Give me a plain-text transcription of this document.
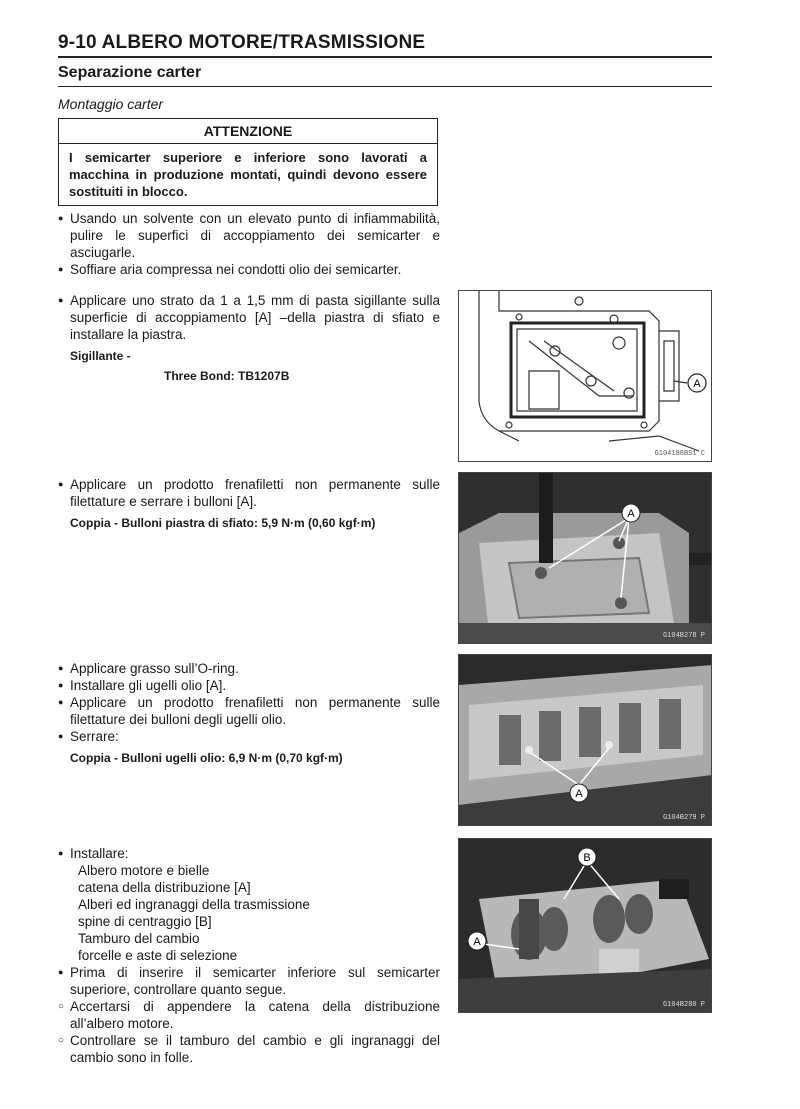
9-10 ALBERO MOTORE/TRASMISSIONE
Separazione carter
Montaggio carter
ATTENZIONE
I semicarter superiore e inferiore sono lavorati a macchina in produzione montati, quindi devono essere sostituiti in blocco.
● Usando un solvente con un elevato punto di infiammabilità, pulire le superfici di accoppiamento dei semicarter e asciugarle.
● Soffiare aria compressa nei condotti olio dei semicarter.
● Applicare uno strato da 1 a 1,5 mm di pasta sigillante sulla superficie di accoppiamento [A] –della piastra di sfiato e installare la piastra.
Sigillante -
Three Bond: TB1207B
● Applicare un prodotto frenafiletti non permanente sulle filettature e serrare i bulloni [A].
Coppia - Bulloni piastra di sfiato: 5,9 N·m (0,60 kgf·m)
● Applicare grasso sull’O-ring.
● Installare gli ugelli olio [A].
● Applicare un prodotto frenafiletti non permanente sulle filettature dei bulloni degli ugelli olio.
● Serrare:
Coppia - Bulloni ugelli olio: 6,9 N·m (0,70 kgf·m)
● Installare:
Albero motore e bielle
catena della distribuzione [A]
Alberi ed ingranaggi della trasmissione
spine di centraggio [B]
Tamburo del cambio
forcelle e aste di selezione
● Prima di inserire il semicarter inferiore sul semicarter superiore, controllare quanto segue.
○ Accertarsi di appendere la catena della distribuzione all’albero motore.
○ Controllare se il tamburo del cambio e gli ingranaggi del cambio sono in folle.
A
G104188BS1 C
A
G104B278 P
A
G104B279 P
B
A
G104B280 P
